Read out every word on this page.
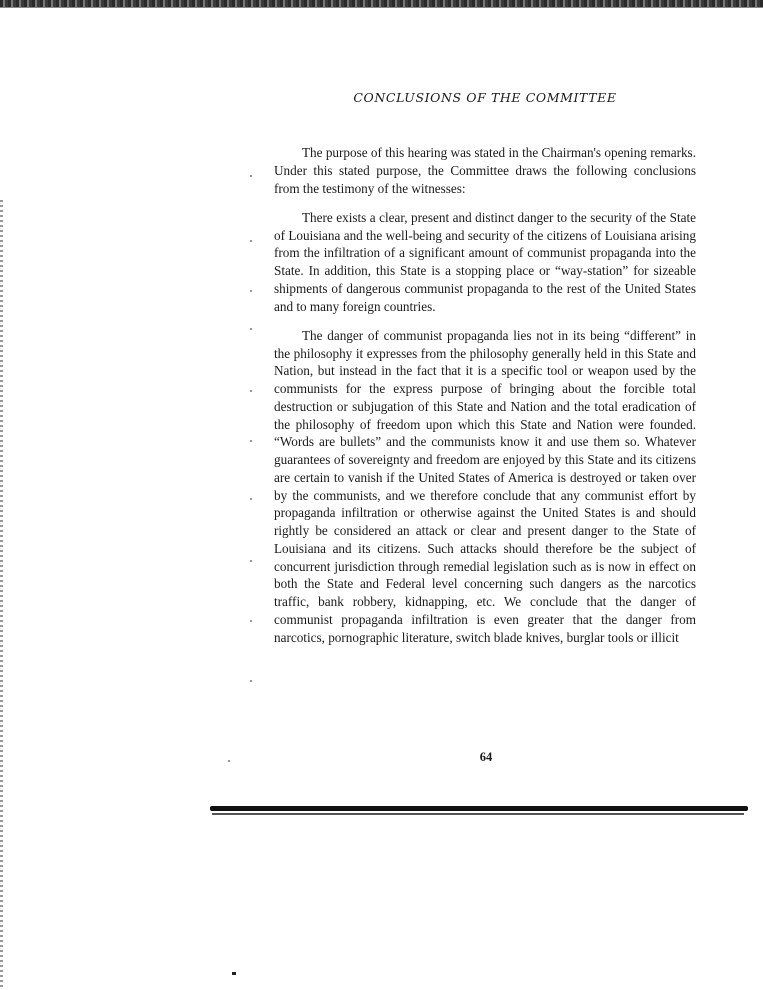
CONCLUSIONS OF THE COMMITTEE

The purpose of this hearing was stated in the Chairman's opening remarks. Under this stated purpose, the Committee draws the following conclusions from the testimony of the witnesses:

There exists a clear, present and distinct danger to the security of the State of Louisiana and the well-being and security of the citizens of Louisiana arising from the infiltration of a significant amount of communist propaganda into the State. In addition, this State is a stopping place or “way-station” for sizeable shipments of dangerous communist propaganda to the rest of the United States and to many foreign countries.

The danger of communist propaganda lies not in its being “different” in the philosophy it expresses from the philosophy generally held in this State and Nation, but instead in the fact that it is a specific tool or weapon used by the communists for the express purpose of bringing about the forcible total destruction or subjugation of this State and Nation and the total eradication of the philosophy of freedom upon which this State and Nation were founded. “Words are bullets” and the communists know it and use them so. Whatever guarantees of sovereignty and freedom are enjoyed by this State and its citizens are certain to vanish if the United States of America is destroyed or taken over by the communists, and we therefore conclude that any communist effort by propaganda infiltration or otherwise against the United States is and should rightly be considered an attack or clear and present danger to the State of Louisiana and its citizens. Such attacks should therefore be the subject of concurrent jurisdiction through remedial legislation such as is now in effect on both the State and Federal level concerning such dangers as the narcotics traffic, bank robbery, kidnapping, etc. We conclude that the danger of communist propaganda infiltration is even greater that the danger from narcotics, pornographic literature, switch blade knives, burglar tools or illicit

64
